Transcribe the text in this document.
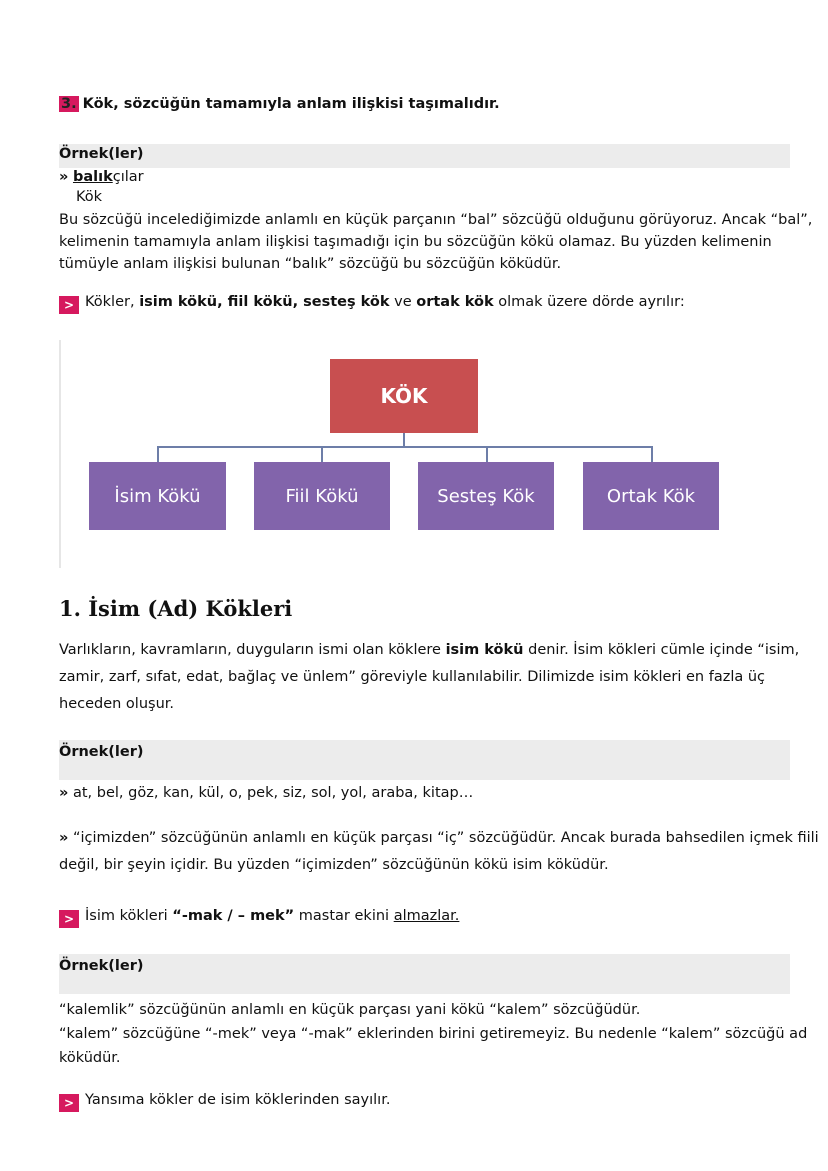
3. Kök, sözcüğün tamamıyla anlam ilişkisi taşımalıdır.
Örnek(ler)
» balıkçılar
Kök
Bu sözcüğü incelediğimizde anlamlı en küçük parçanın “bal” sözcüğü olduğunu görüyoruz. Ancak “bal”,
kelimenin tamamıyla anlam ilişkisi taşımadığı için bu sözcüğün kökü olamaz. Bu yüzden kelimenin
tümüyle anlam ilişkisi bulunan “balık” sözcüğü bu sözcüğün köküdür.
> Kökler, isim kökü, fiil kökü, sesteş kök ve ortak kök olmak üzere dörde ayrılır:
KÖK
İsim Kökü	Fiil Kökü	Sesteş Kök	Ortak Kök
1. İsim (Ad) Kökleri
Varlıkların, kavramların, duyguların ismi olan köklere isim kökü denir. İsim kökleri cümle içinde “isim,
zamir, zarf, sıfat, edat, bağlaç ve ünlem” göreviyle kullanılabilir. Dilimizde isim kökleri en fazla üç
heceden oluşur.
Örnek(ler)
» at, bel, göz, kan, kül, o, pek, siz, sol, yol, araba, kitap…
» “içimizden” sözcüğünün anlamlı en küçük parçası “iç” sözcüğüdür. Ancak burada bahsedilen içmek fiili
değil, bir şeyin içidir. Bu yüzden “içimizden” sözcüğünün kökü isim köküdür.
> İsim kökleri “-mak / – mek” mastar ekini almazlar.
Örnek(ler)
“kalemlik” sözcüğünün anlamlı en küçük parçası yani kökü “kalem” sözcüğüdür.
“kalem” sözcüğüne “-mek” veya “-mak” eklerinden birini getiremeyiz. Bu nedenle “kalem” sözcüğü ad
köküdür.
> Yansıma kökler de isim köklerinden sayılır.
